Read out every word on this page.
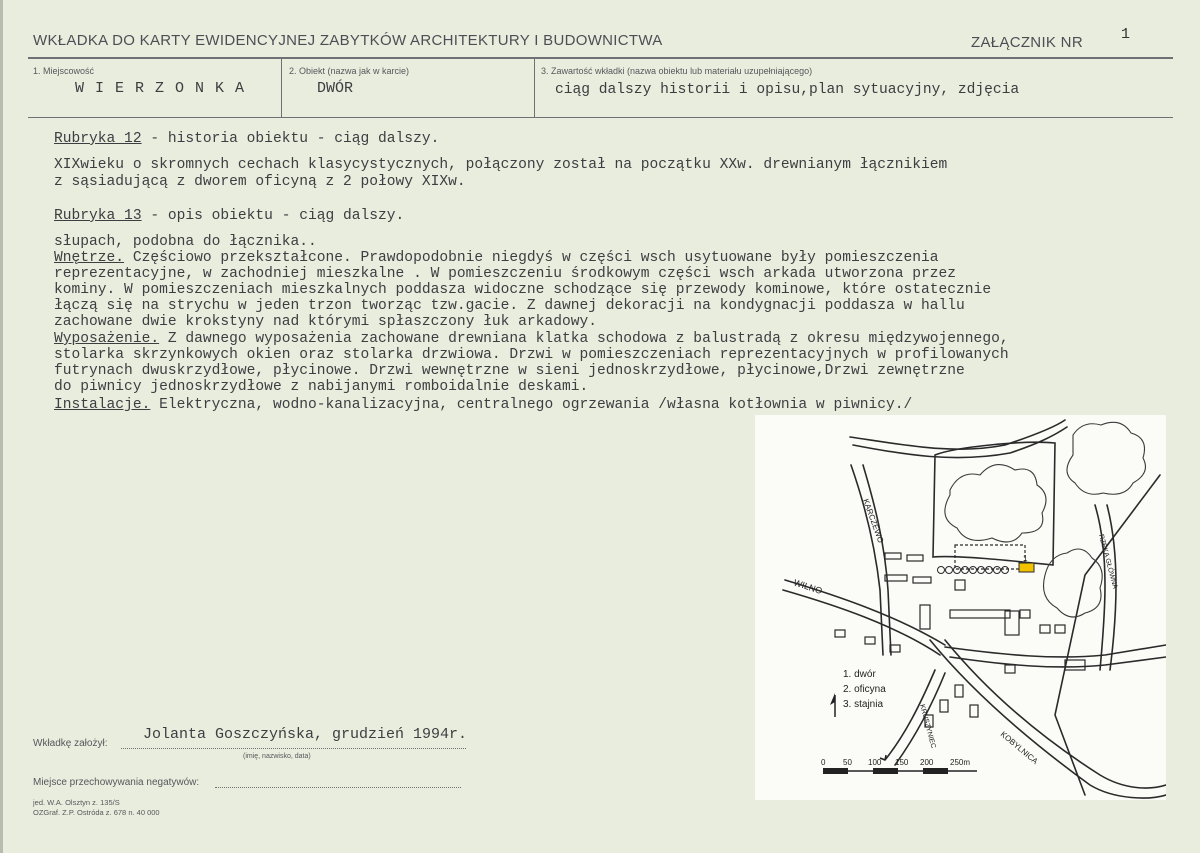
WKŁADKA DO KARTY EWIDENCYJNEJ ZABYTKÓW ARCHITEKTURY I BUDOWNICTWA	ZAŁĄCZNIK NR	1
1. Miejscowość
W I E R Z O N K A
2. Obiekt (nazwa jak w karcie)
DWÓR
3. Zawartość wkładki (nazwa obiektu lub materiału uzupełniającego)
ciąg dalszy historii i opisu,plan sytuacyjny, zdjęcia
Rubryka 12 - historia obiektu - ciąg dalszy.
XIXwieku o skromnych cechach klasycystycznych, połączony został na początku XXw. drewnianym łącznikiem
z sąsiadującą z dworem oficyną z 2 połowy XIXw.
Rubryka 13 - opis obiektu - ciąg dalszy.
słupach, podobna do łącznika..
Wnętrze. Częściowo przekształcone. Prawdopodobnie niegdyś w części wsch usytuowane były pomieszczenia
reprezentacyjne, w zachodniej mieszkalne . W pomieszczeniu środkowym części wsch arkada utworzona przez
kominy. W pomieszczeniach mieszkalnych poddasza widoczne schodzące się przewody kominowe, które ostatecznie
łączą się na strychu w jeden trzon tworząc tzw.gacie. Z dawnej dekoracji na kondygnacji poddasza w hallu
zachowane dwie krokstyny nad którymi spłaszczony łuk arkadowy.
Wyposażenie. Z dawnego wyposażenia zachowane drewniana klatka schodowa z balustradą z okresu międzywojennego,
stolarka skrzynkowych okien oraz stolarka drzwiowa. Drzwi w pomieszczeniach reprezentacyjnych w profilowanych
futrynach dwuskrzydłowe, płycinowe. Drzwi wewnętrzne w sieni jednoskrzydłowe, płycinowe,Drzwi zewnętrzne
do piwnicy jednoskrzydłowe z nabijanymi romboidalnie deskami.
Instalacje. Elektryczna, wodno-kanalizacyjna, centralnego ogrzewania /własna kotłownia w piwnicy./
Wkładkę założył:
Jolanta Goszczyńska, grudzień 1994r.
(imię, nazwisko, data)
Miejsce przechowywania negatywów:
jed. W.A. Olsztyn z. 135/S
OZGraf. Z.P. Ostróda z. 678 n. 40 000
1
KARCZEWO
WILNO	RZEKA GŁÓWNA
KRUSZYNIEC	KOBYLNICA
1. dwór
2. oficyna
3. stajnia
0 50 100 150 200 250m
